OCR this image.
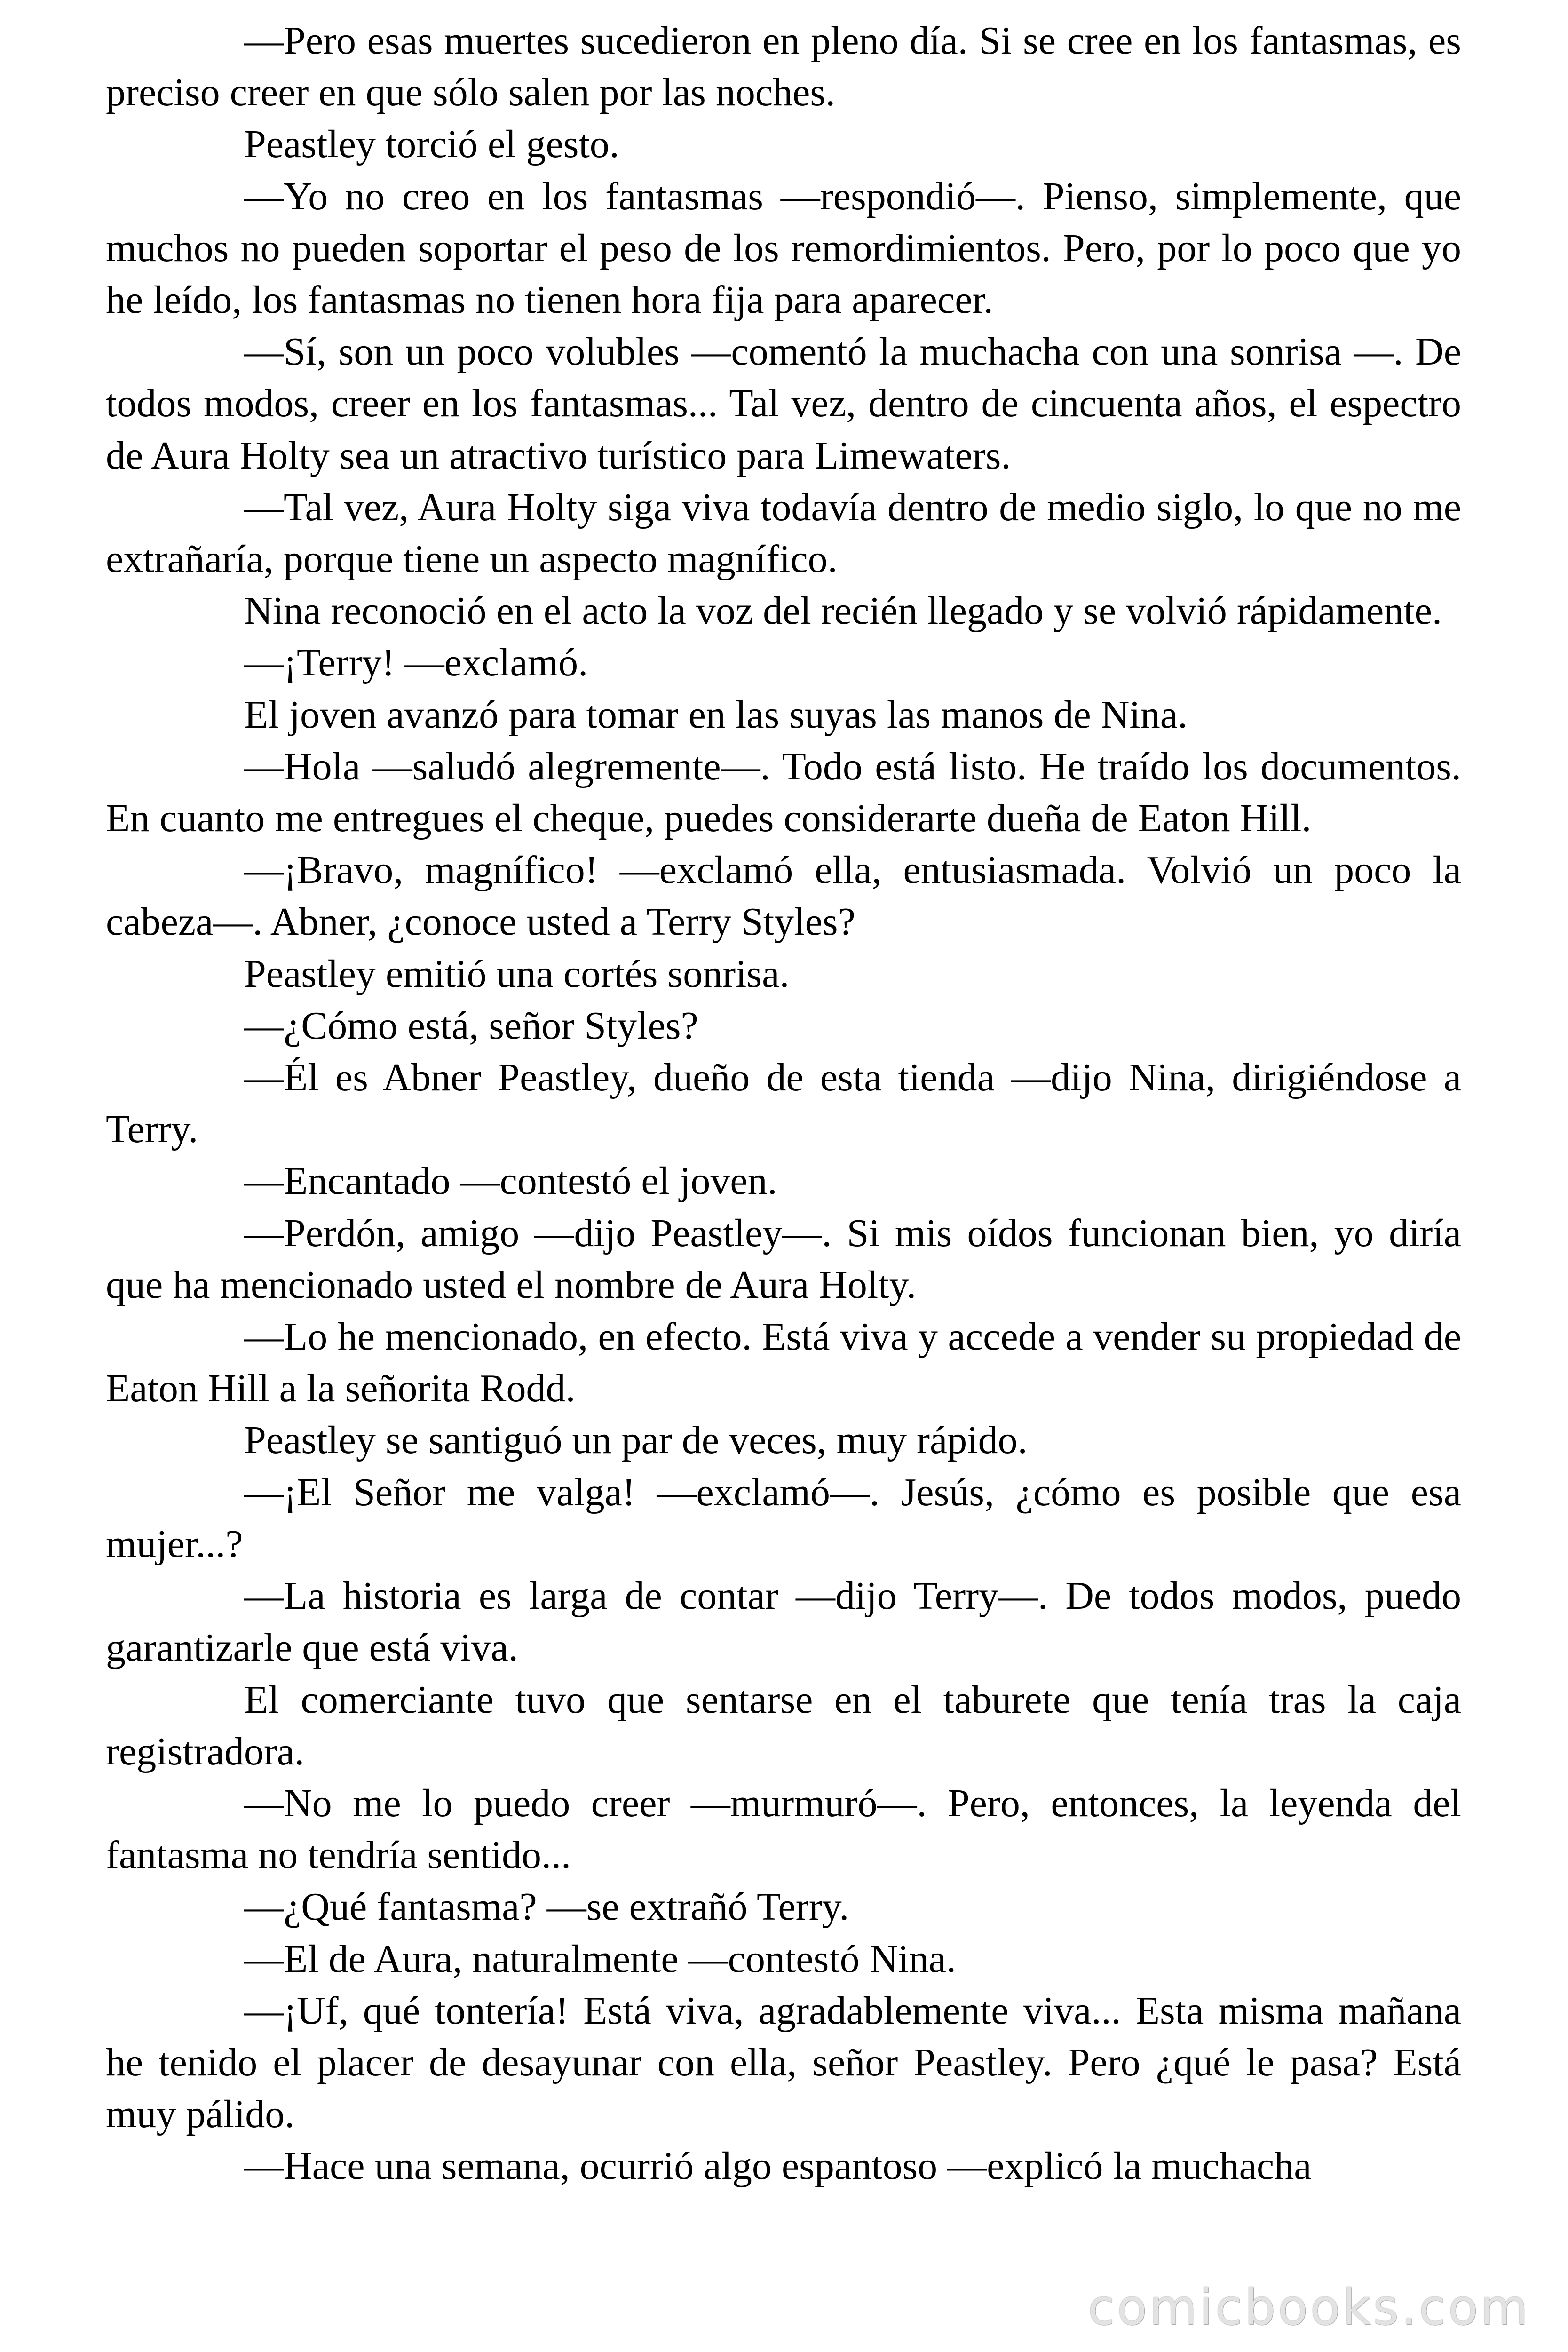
—Pero esas muertes sucedieron en pleno día. Si se cree en los fantasmas, es preciso creer en que sólo salen por las noches.

Peastley torció el gesto.

—Yo no creo en los fantasmas —respondió—. Pienso, simplemente, que muchos no pueden soportar el peso de los remordimientos. Pero, por lo poco que yo he leído, los fantasmas no tienen hora fija para aparecer.

—Sí, son un poco volubles —comentó la muchacha con una sonrisa —. De todos modos, creer en los fantasmas... Tal vez, dentro de cincuenta años, el espectro de Aura Holty sea un atractivo turístico para Limewaters.

—Tal vez, Aura Holty siga viva todavía dentro de medio siglo, lo que no me extrañaría, porque tiene un aspecto magnífico.

Nina reconoció en el acto la voz del recién llegado y se volvió rápidamente.

—¡Terry! —exclamó.

El joven avanzó para tomar en las suyas las manos de Nina.

—Hola —saludó alegremente—. Todo está listo. He traído los documentos. En cuanto me entregues el cheque, puedes considerarte dueña de Eaton Hill.

—¡Bravo, magnífico! —exclamó ella, entusiasmada. Volvió un poco la cabeza—. Abner, ¿conoce usted a Terry Styles?

Peastley emitió una cortés sonrisa.

—¿Cómo está, señor Styles?

—Él es Abner Peastley, dueño de esta tienda —dijo Nina, dirigiéndose a Terry.

—Encantado —contestó el joven.

—Perdón, amigo —dijo Peastley—. Si mis oídos funcionan bien, yo diría que ha mencionado usted el nombre de Aura Holty.

—Lo he mencionado, en efecto. Está viva y accede a vender su propiedad de Eaton Hill a la señorita Rodd.

Peastley se santiguó un par de veces, muy rápido.

—¡El Señor me valga! —exclamó—. Jesús, ¿cómo es posible que esa mujer...?

—La historia es larga de contar —dijo Terry—. De todos modos, puedo garantizarle que está viva.

El comerciante tuvo que sentarse en el taburete que tenía tras la caja registradora.

—No me lo puedo creer —murmuró—. Pero, entonces, la leyenda del fantasma no tendría sentido...

—¿Qué fantasma? —se extrañó Terry.

—El de Aura, naturalmente —contestó Nina.

—¡Uf, qué tontería! Está viva, agradablemente viva... Esta misma mañana he tenido el placer de desayunar con ella, señor Peastley. Pero ¿qué le pasa? Está muy pálido.

—Hace una semana, ocurrió algo espantoso —explicó la muchacha

comicbooks.com
